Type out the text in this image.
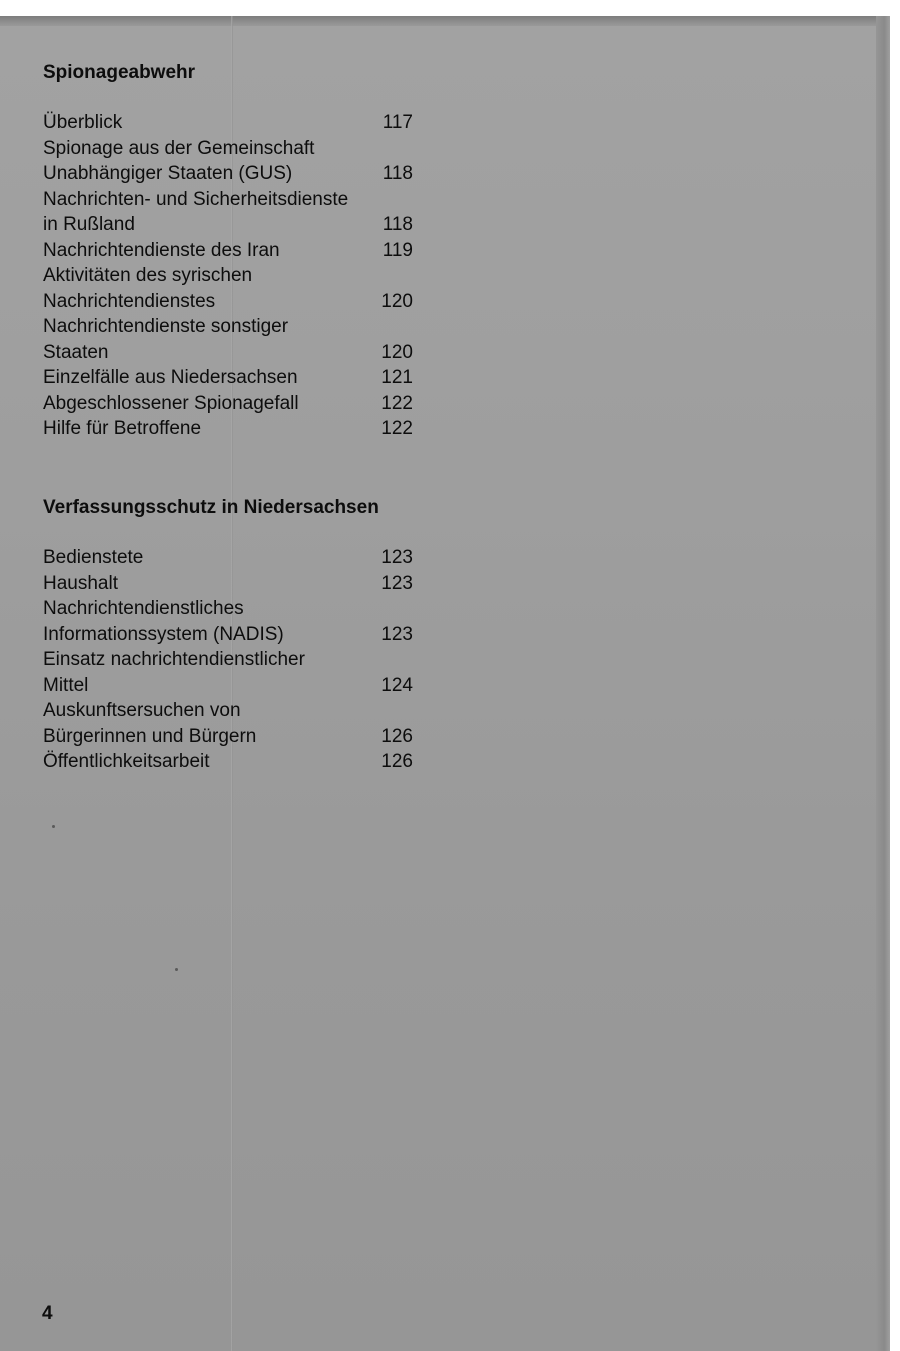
Spionageabwehr
Überblick	117
Spionage aus der Gemeinschaft
Unabhängiger Staaten (GUS)	118
Nachrichten- und Sicherheitsdienste
in Rußland	118
Nachrichtendienste des Iran	119
Aktivitäten des syrischen
Nachrichtendienstes	120
Nachrichtendienste sonstiger
Staaten	120
Einzelfälle aus Niedersachsen	121
Abgeschlossener Spionagefall	122
Hilfe für Betroffene	122
Verfassungsschutz in Niedersachsen
Bedienstete	123
Haushalt	123
Nachrichtendienstliches
Informationssystem (NADIS)	123
Einsatz nachrichtendienstlicher
Mittel	124
Auskunftsersuchen von
Bürgerinnen und Bürgern	126
Öffentlichkeitsarbeit	126
4
